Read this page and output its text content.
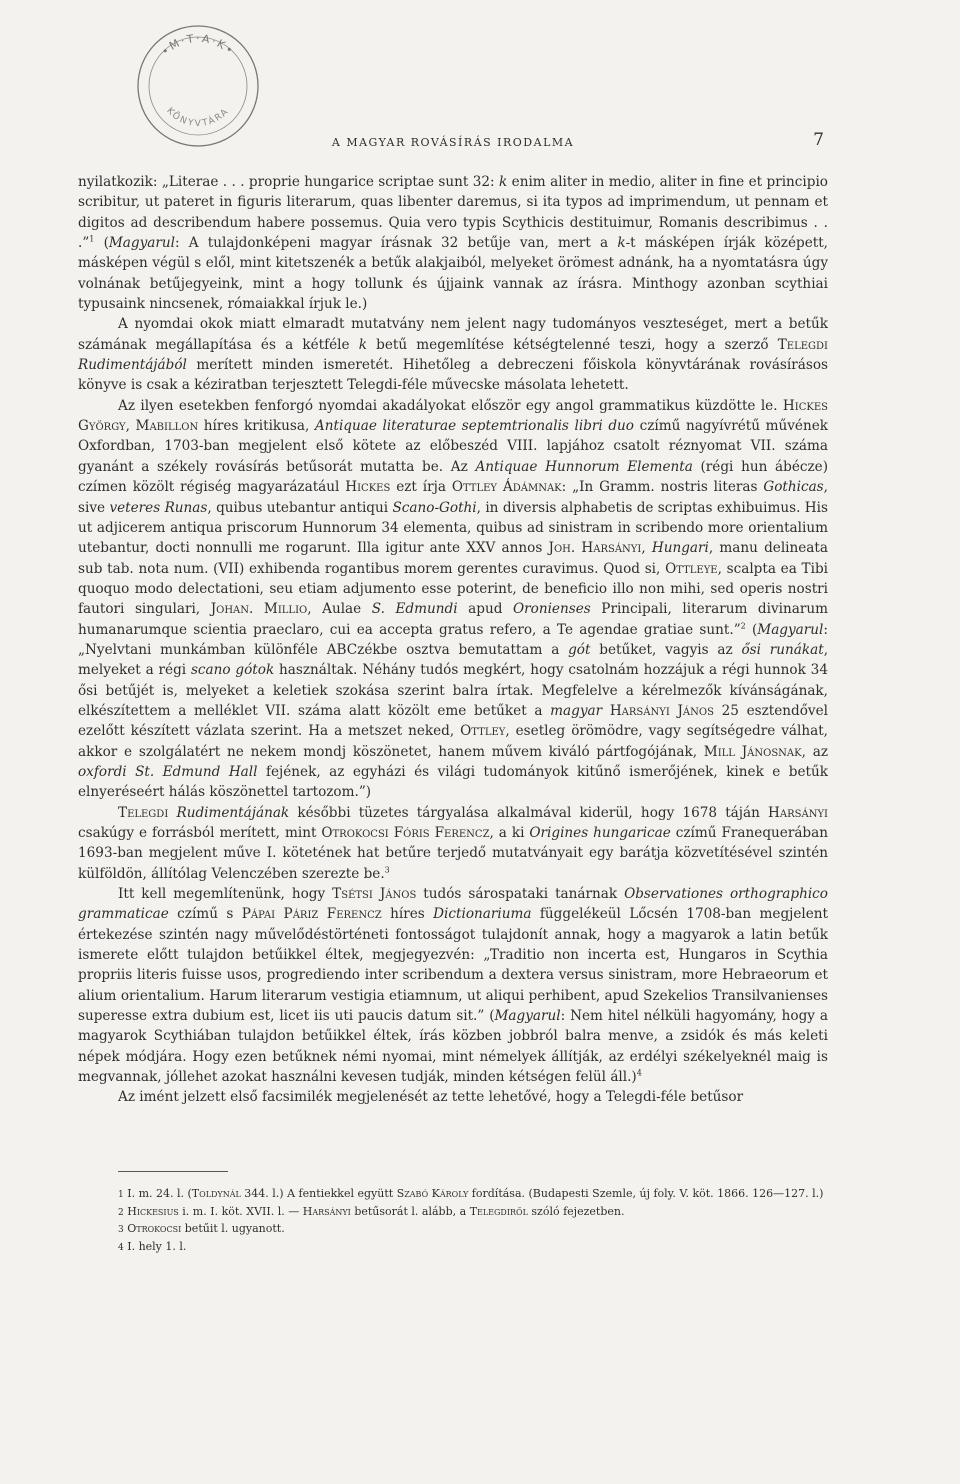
•M·T·A·K•
KÖNYVTÁRA
A MAGYAR ROVÁSÍRÁS IRODALMA	7

nyilatkozik: „Literae . . . proprie hungarice scriptae sunt 32: k enim aliter in medio, aliter in fine et principio scribitur, ut pateret in figuris literarum, quas libenter daremus, si ita typos ad imprimendum, ut pennam et digitos ad describendum habere possemus. Quia vero typis Scythicis destituimur, Romanis describimus . . .”$^1$ (Magyarul: A tulajdonképeni magyar írásnak 32 betűje van, mert a k-t másképen írják középett, másképen végül s elől, mint kitetszenék a betűk alakjaiból, melyeket örömest adnánk, ha a nyomtatásra úgy volnának betűjegyeink, mint a hogy tollunk és újjaink vannak az írásra. Minthogy azonban scythiai typusaink nincsenek, rómaiakkal írjuk le.)

A nyomdai okok miatt elmaradt mutatvány nem jelent nagy tudományos veszteséget, mert a betűk számának megállapítása és a kétféle k betű megemlítése kétségtelenné teszi, hogy a szerző Telegdi Rudimentájából merített minden ismeretét. Hihetőleg a debreczeni főiskola könyvtárának rovásírásos könyve is csak a kéziratban terjesztett Telegdi-féle művecske másolata lehetett.

Az ilyen esetekben fenforgó nyomdai akadályokat először egy angol grammatikus küzdötte le. Hickes György, Mabillon híres kritikusa, Antiquae literaturae septemtrionalis libri duo czímű nagyívrétű művének Oxfordban, 1703-ban megjelent első kötete az előbeszéd VIII. lapjához csatolt réznyomat VII. száma gyanánt a székely rovásírás betűsorát mutatta be. Az Antiquae Hunnorum Elementa (régi hun ábécze) czímen közölt régiség magyarázatául Hickes ezt írja Ottley Ádámnak: „In Gramm. nostris literas Gothicas, sive veteres Runas, quibus utebantur antiqui Scano-Gothi, in diversis alphabetis de scriptas exhibuimus. His ut adjicerem antiqua priscorum Hunnorum 34 elementa, quibus ad sinistram in scribendo more orientalium utebantur, docti nonnulli me rogarunt. Illa igitur ante XXV annos Joh. Harsányi, Hungari, manu delineata sub tab. nota num. (VII) exhibenda rogantibus morem gerentes curavimus. Quod si, Ottleye, scalpta ea Tibi quoquo modo delectationi, seu etiam adjumento esse poterint, de beneficio illo non mihi, sed operis nostri fautori singulari, Johan. Millio, Aulae S. Edmundi apud Oronienses Principali, literarum divinarum humanarumque scientia praeclaro, cui ea accepta gratus refero, a Te agendae gratiae sunt.”$^2$ (Magyarul: „Nyelvtani munkámban különféle ABCzékbe osztva bemutattam a gót betűket, vagyis az ősi runákat, melyeket a régi scano gótok használtak. Néhány tudós megkért, hogy csatolnám hozzájuk a régi hunnok 34 ősi betűjét is, melyeket a keletiek szokása szerint balra írtak. Megfelelve a kérelmezők kívánságának, elkészítettem a melléklet VII. száma alatt közölt eme betűket a magyar Harsányi János 25 esztendővel ezelőtt készített vázlata szerint. Ha a metszet neked, Ottley, esetleg örömödre, vagy segítségedre válhat, akkor e szolgálatért ne nekem mondj köszönetet, hanem művem kiváló pártfogójának, Mill Jánosnak, az oxfordi St. Edmund Hall fejének, az egyházi és világi tudományok kitűnő ismerőjének, kinek e betűk elnyeréseért hálás köszönettel tartozom.”)

Telegdi Rudimentájának későbbi tüzetes tárgyalása alkalmával kiderül, hogy 1678 táján Harsányi csakúgy e forrásból merített, mint Otrokocsi Fóris Ferencz, a ki Origines hungaricae czímű Franequerában 1693-ban megjelent műve I. kötetének hat betűre terjedő mutatványait egy barátja közvetítésével szintén külföldön, állítólag Velenczében szerezte be.$^3$

Itt kell megemlítenünk, hogy Tsétsi János tudós sárospataki tanárnak Observationes orthographico grammaticae czímű s Pápai Páriz Ferencz híres Dictionariuma függelékeül Lőcsén 1708-ban megjelent értekezése szintén nagy művelődéstörténeti fontosságot tulajdonít annak, hogy a magyarok a latin betűk ismerete előtt tulajdon betűikkel éltek, megjegyezvén: „Traditio non incerta est, Hungaros in Scythia propriis literis fuisse usos, progrediendo inter scribendum a dextera versus sinistram, more Hebraeorum et alium orientalium. Harum literarum vestigia etiamnum, ut aliqui perhibent, apud Szekelios Transilvanienses superesse extra dubium est, licet iis uti paucis datum sit.” (Magyarul: Nem hitel nélküli hagyomány, hogy a magyarok Scythiában tulajdon betűikkel éltek, írás közben jobbról balra menve, a zsidók és más keleti népek módjára. Hogy ezen betűknek némi nyomai, mint némelyek állítják, az erdélyi székelyeknél maig is megvannak, jóllehet azokat használni kevesen tudják, minden kétségen felül áll.)$^4$

Az imént jelzett első facsimilék megjelenését az tette lehetővé, hogy a Telegdi-féle betűsor

1 I. m. 24. l. (Toldynál 344. l.) A fentiekkel együtt Szabó Károly fordítása. (Budapesti Szemle, új foly. V. köt. 1866. 126—127. l.)

2 Hickesius i. m. I. köt. XVII. l. — Harsányi betűsorát l. alább, a Telegdiről szóló fejezetben.

3 Otrokocsi betűit l. ugyanott.

4 I. hely 1. l.
